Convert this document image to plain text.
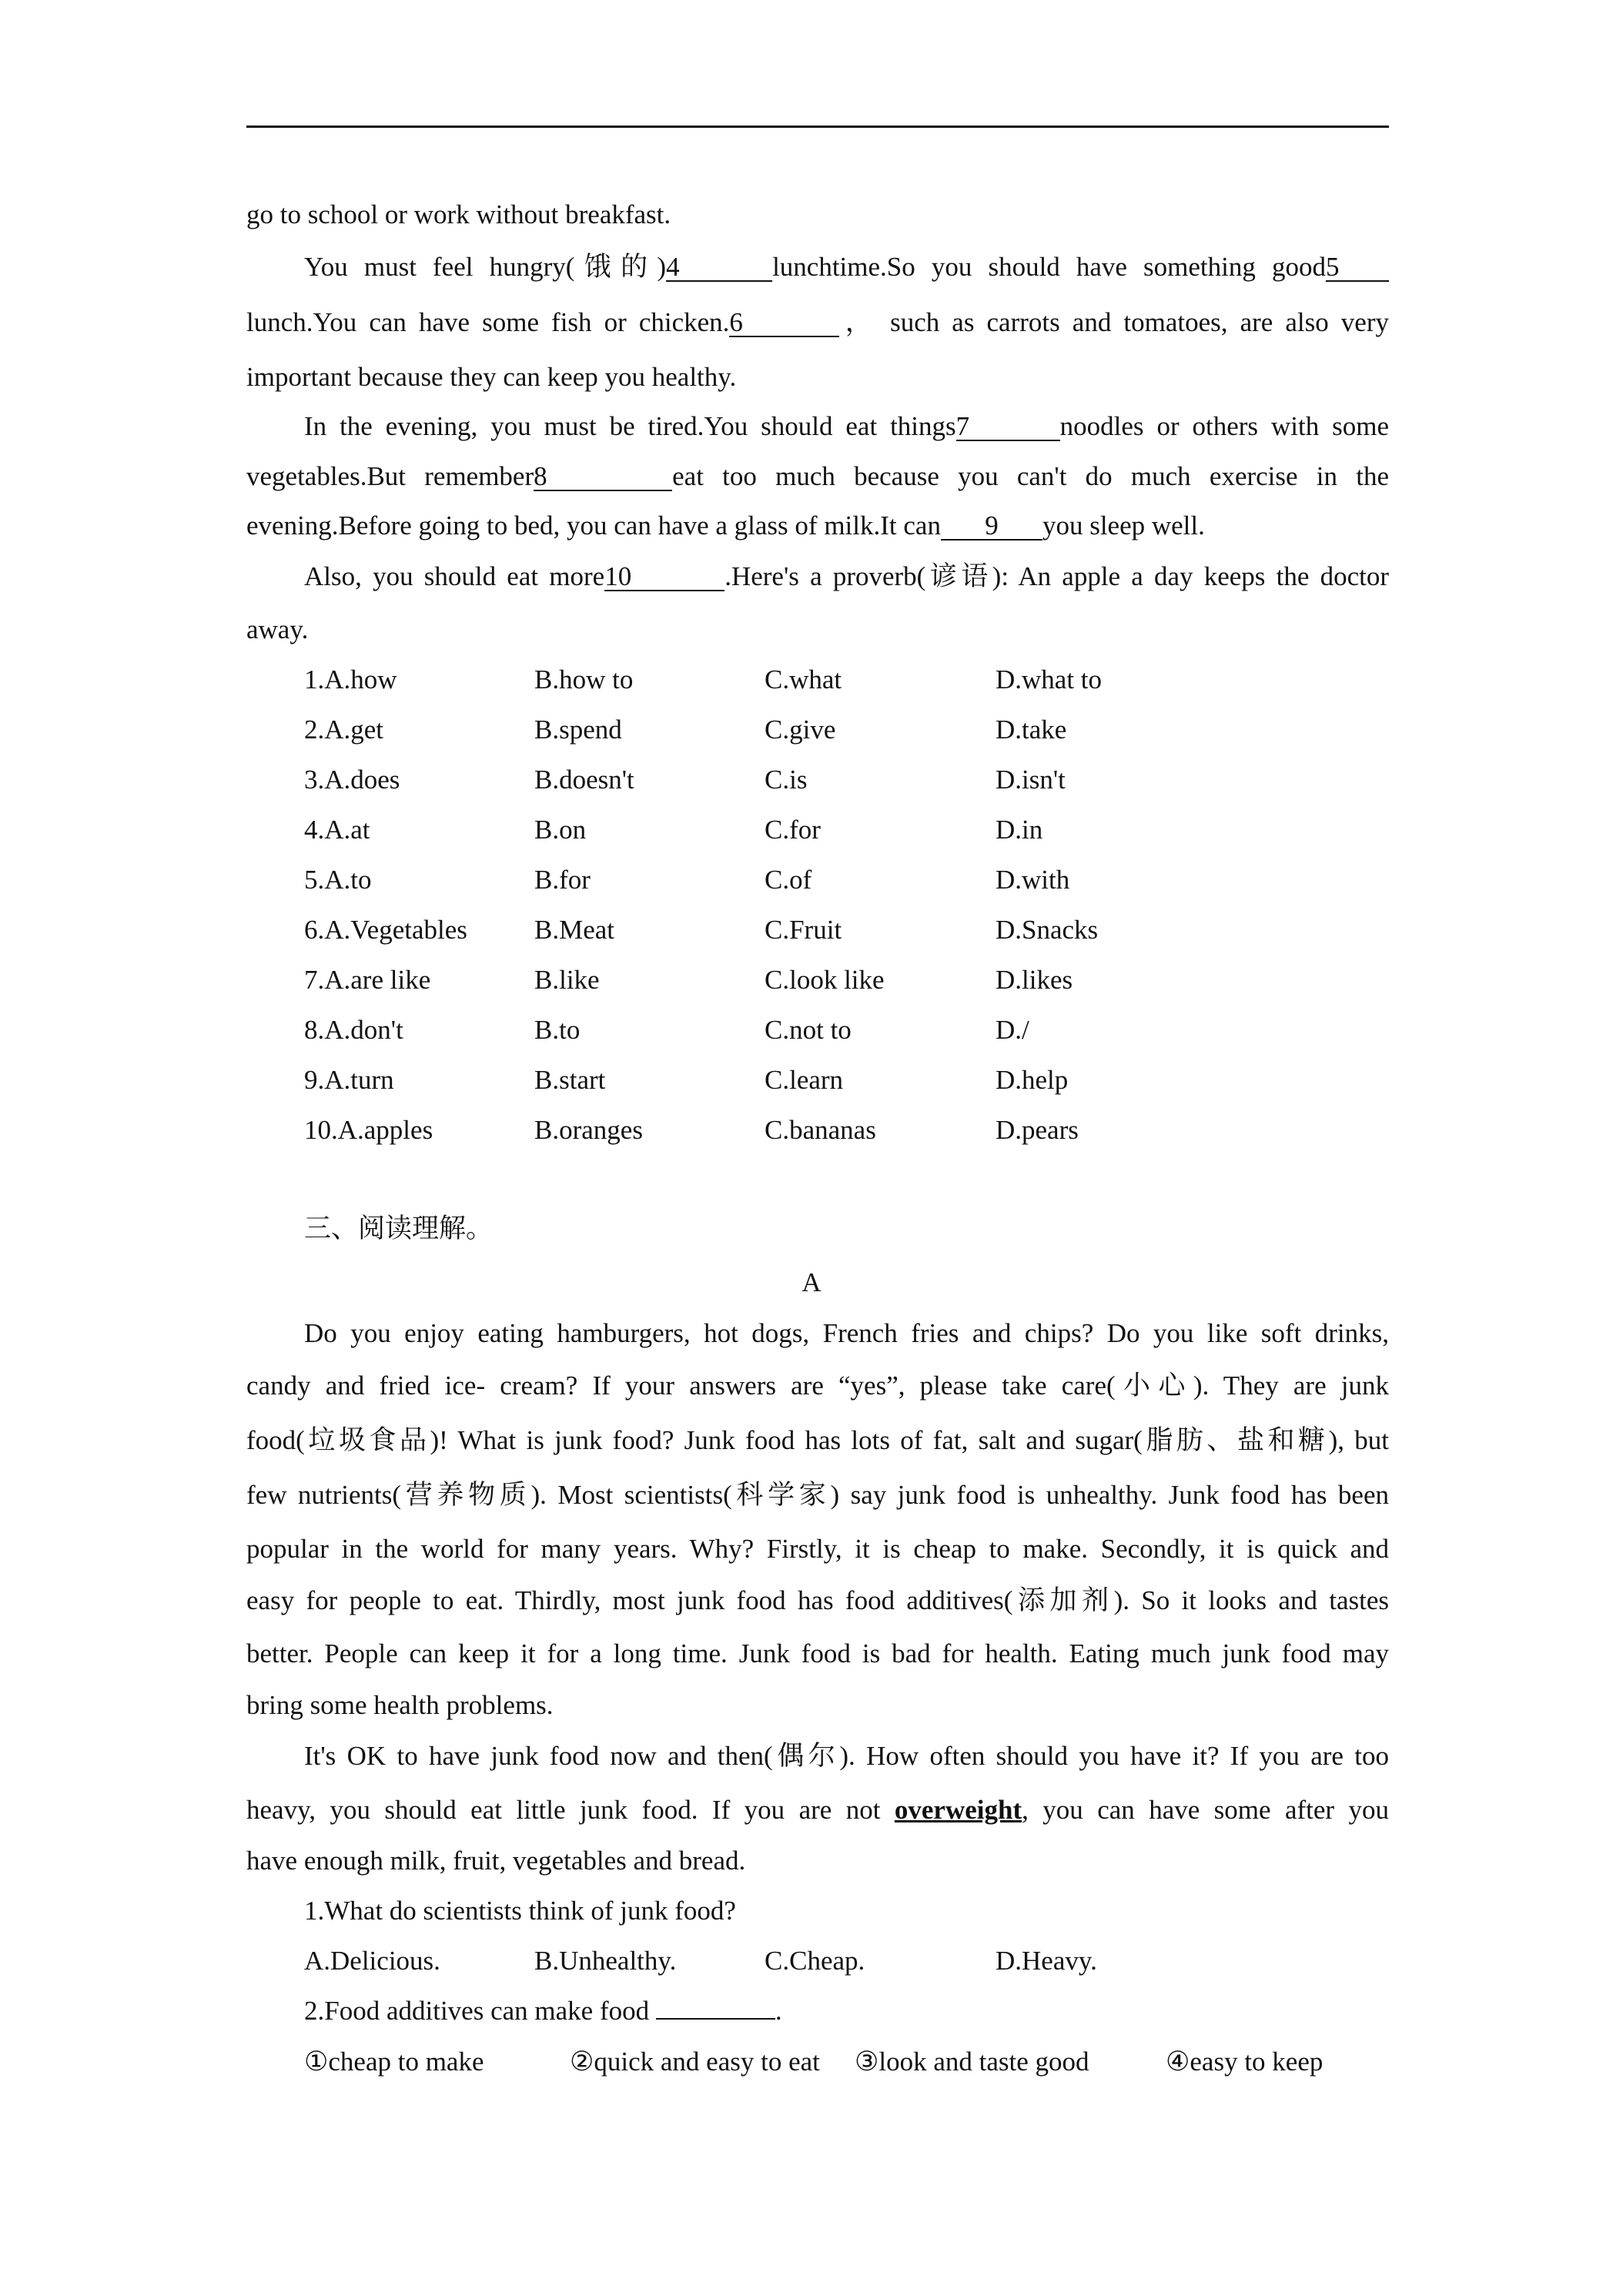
go to school or work without breakfast.
You must feel hungry(饿的)4	lunchtime.So you should have something good5
lunch.You can have some fish or chicken.6	， such as carrots and tomatoes, are also very
important because they can keep you healthy.
In the evening, you must be tired.You should eat things7	noodles or others with some
vegetables.But remember8	eat too much because you can't do much exercise in the
evening.Before going to bed, you can have a glass of milk.It can 9 you sleep well.
Also, you should eat more10	.Here's a proverb(谚语): An apple a day keeps the doctor
away.
1.A.how	B.how to	C.what	D.what to
2.A.get	B.spend	C.give	D.take
3.A.does	B.doesn't	C.is	D.isn't
4.A.at	B.on	C.for	D.in
5.A.to	B.for	C.of	D.with
6.A.Vegetables B.Meat	C.Fruit	D.Snacks
7.A.are like	B.like	C.look like	D.likes
8.A.don't	B.to	C.not to	D./
9.A.turn	B.start	C.learn	D.help
10.A.apples	B.oranges	C.bananas	D.pears
三、阅读理解。
A
Do you enjoy eating hamburgers, hot dogs, French fries and chips? Do you like soft drinks,
candy and fried ice- cream? If your answers are “yes”, please take care(小心). They are junk
food(垃圾食品)! What is junk food? Junk food has lots of fat, salt and sugar(脂肪、盐和糖), but
few nutrients(营养物质). Most scientists(科学家) say junk food is unhealthy. Junk food has been
popular in the world for many years. Why? Firstly, it is cheap to make. Secondly, it is quick and
easy for people to eat. Thirdly, most junk food has food additives(添加剂). So it looks and tastes
better. People can keep it for a long time. Junk food is bad for health. Eating much junk food may
bring some health problems.
It's OK to have junk food now and then(偶尔). How often should you have it? If you are too
heavy, you should eat little junk food. If you are not overweight, you can have some after you
have enough milk, fruit, vegetables and bread.
1.What do scientists think of junk food?
A.Delicious.	B.Unhealthy.	C.Cheap.	D.Heavy.
2.Food additives can make food	.
①cheap to make	②quick and easy to eat ③look and taste good	④easy to keep
